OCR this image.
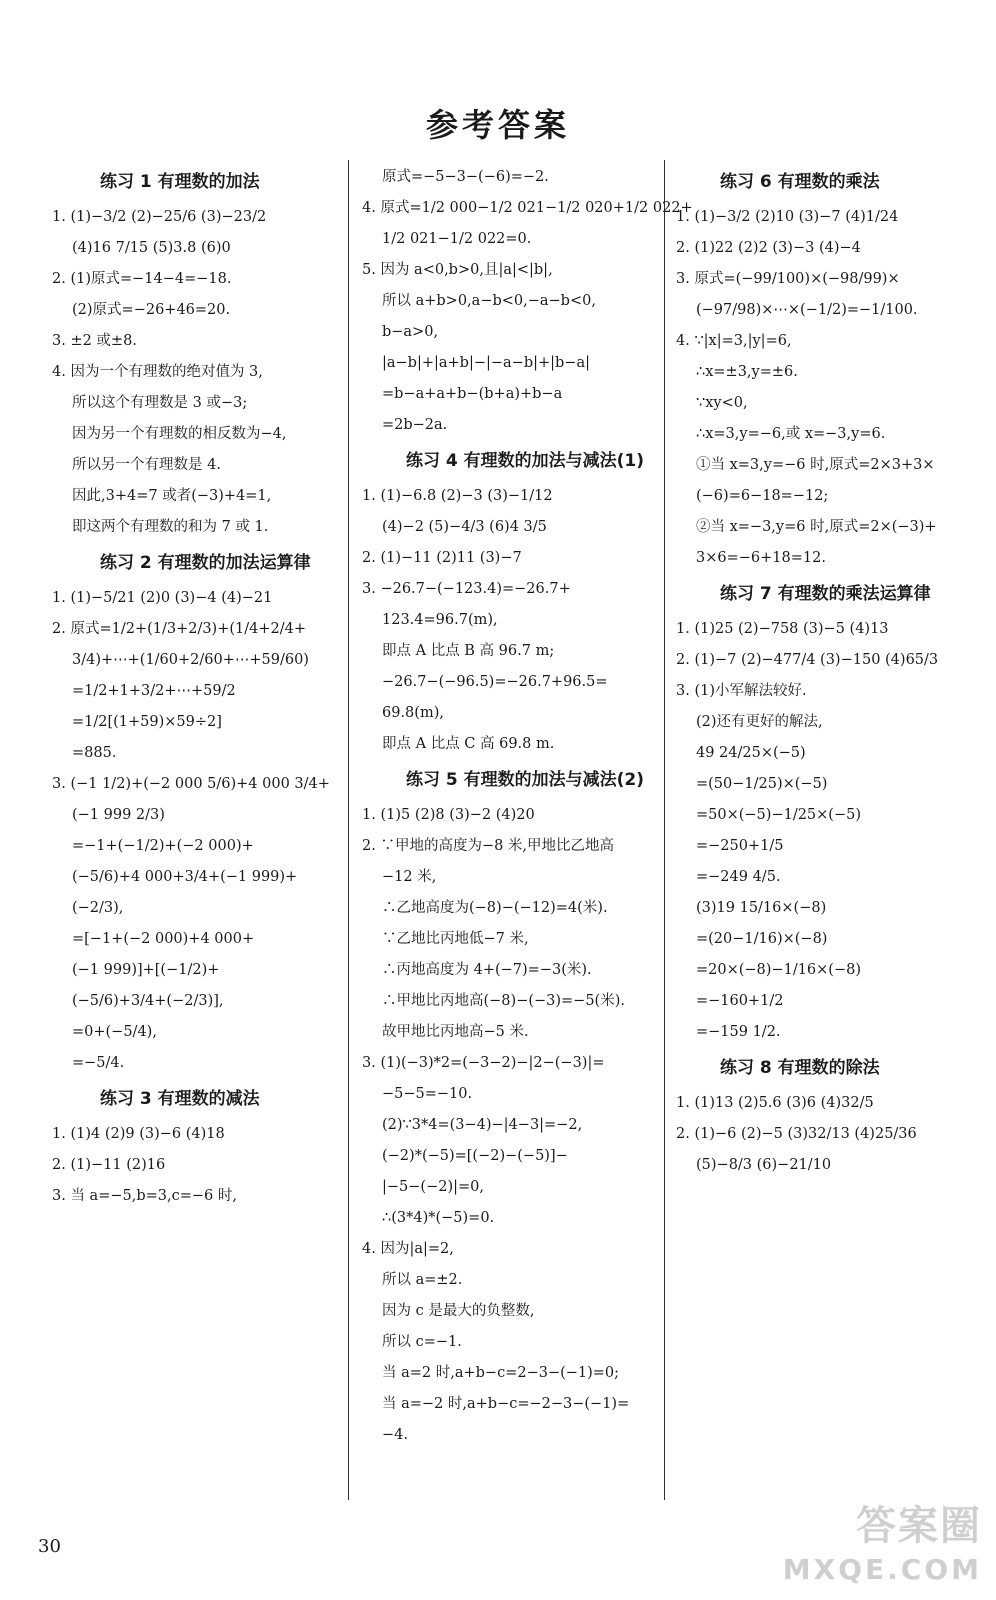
参考答案
练习 1 有理数的加法
1. (1)−3/2 (2)−25/6 (3)−23/2
(4)16 7/15 (5)3.8 (6)0
2. (1)原式=−14−4=−18.
(2)原式=−26+46=20.
3. ±2 或±8.
4. 因为一个有理数的绝对值为 3,
所以这个有理数是 3 或−3;
因为另一个有理数的相反数为−4,
所以另一个有理数是 4.
因此,3+4=7 或者(−3)+4=1,
即这两个有理数的和为 7 或 1.
练习 2 有理数的加法运算律
1. (1)−5/21 (2)0 (3)−4 (4)−21
2. 原式=1/2+(1/3+2/3)+(1/4+2/4+
3/4)+⋯+(1/60+2/60+⋯+59/60)
=1/2+1+3/2+⋯+59/2
=1/2[(1+59)×59÷2]
=885.
3. (−1 1/2)+(−2 000 5/6)+4 000 3/4+
(−1 999 2/3)
=−1+(−1/2)+(−2 000)+
(−5/6)+4 000+3/4+(−1 999)+
(−2/3),
=[−1+(−2 000)+4 000+
(−1 999)]+[(−1/2)+
(−5/6)+3/4+(−2/3)],
=0+(−5/4),
=−5/4.
练习 3 有理数的减法
1. (1)4 (2)9 (3)−6 (4)18
2. (1)−11 (2)16
3. 当 a=−5,b=3,c=−6 时,
原式=−5−3−(−6)=−2.
4. 原式=1/2 000−1/2 021−1/2 020+1/2 022+
1/2 021−1/2 022=0.
5. 因为 a<0,b>0,且|a|<|b|,
所以 a+b>0,a−b<0,−a−b<0,
b−a>0,
|a−b|+|a+b|−|−a−b|+|b−a|
=b−a+a+b−(b+a)+b−a
=2b−2a.
练习 4 有理数的加法与减法(1)
1. (1)−6.8 (2)−3 (3)−1/12
(4)−2 (5)−4/3 (6)4 3/5
2. (1)−11 (2)11 (3)−7
3. −26.7−(−123.4)=−26.7+
123.4=96.7(m),
即点 A 比点 B 高 96.7 m;
−26.7−(−96.5)=−26.7+96.5=
69.8(m),
即点 A 比点 C 高 69.8 m.
练习 5 有理数的加法与减法(2)
1. (1)5 (2)8 (3)−2 (4)20
2. ∵甲地的高度为−8 米,甲地比乙地高
−12 米,
∴乙地高度为(−8)−(−12)=4(米).
∵乙地比丙地低−7 米,
∴丙地高度为 4+(−7)=−3(米).
∴甲地比丙地高(−8)−(−3)=−5(米).
故甲地比丙地高−5 米.
3. (1)(−3)*2=(−3−2)−|2−(−3)|=
−5−5=−10.
(2)∵3*4=(3−4)−|4−3|=−2,
(−2)*(−5)=[(−2)−(−5)]−
|−5−(−2)|=0,
∴(3*4)*(−5)=0.
4. 因为|a|=2,
所以 a=±2.
因为 c 是最大的负整数,
所以 c=−1.
当 a=2 时,a+b−c=2−3−(−1)=0;
当 a=−2 时,a+b−c=−2−3−(−1)=
−4.
练习 6 有理数的乘法
1. (1)−3/2 (2)10 (3)−7 (4)1/24
2. (1)22 (2)2 (3)−3 (4)−4
3. 原式=(−99/100)×(−98/99)×
(−97/98)×⋯×(−1/2)=−1/100.
4. ∵|x|=3,|y|=6,
∴x=±3,y=±6.
∵xy<0,
∴x=3,y=−6,或 x=−3,y=6.
①当 x=3,y=−6 时,原式=2×3+3×
(−6)=6−18=−12;
②当 x=−3,y=6 时,原式=2×(−3)+
3×6=−6+18=12.
练习 7 有理数的乘法运算律
1. (1)25 (2)−758 (3)−5 (4)13
2. (1)−7 (2)−477/4 (3)−150 (4)65/3
3. (1)小军解法较好.
(2)还有更好的解法,
49 24/25×(−5)
=(50−1/25)×(−5)
=50×(−5)−1/25×(−5)
=−250+1/5
=−249 4/5.
(3)19 15/16×(−8)
=(20−1/16)×(−8)
=20×(−8)−1/16×(−8)
=−160+1/2
=−159 1/2.
练习 8 有理数的除法
1. (1)13 (2)5.6 (3)6 (4)32/5
2. (1)−6 (2)−5 (3)32/13 (4)25/36
(5)−8/3 (6)−21/10
30	答案圈
MXQE.COM
